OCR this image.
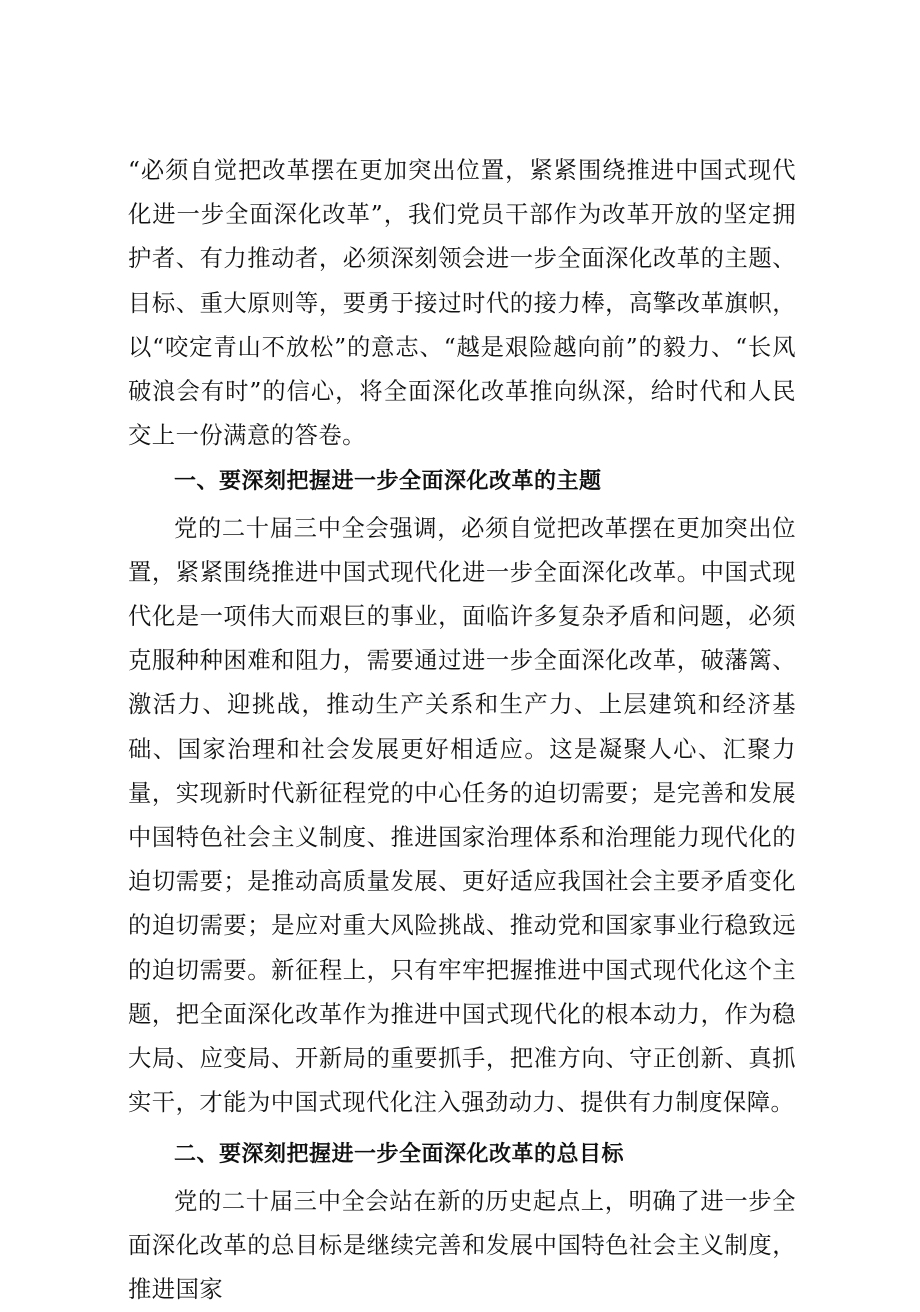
“必须自觉把改革摆在更加突出位置，紧紧围绕推进中国式现代化进一步全面深化改革”，我们党员干部作为改革开放的坚定拥护者、有力推动者，必须深刻领会进一步全面深化改革的主题、目标、重大原则等，要勇于接过时代的接力棒，高擎改革旗帜，以“咬定青山不放松”的意志、“越是艰险越向前”的毅力、“长风破浪会有时”的信心，将全面深化改革推向纵深，给时代和人民交上一份满意的答卷。

一、要深刻把握进一步全面深化改革的主题

党的二十届三中全会强调，必须自觉把改革摆在更加突出位置，紧紧围绕推进中国式现代化进一步全面深化改革。中国式现代化是一项伟大而艰巨的事业，面临许多复杂矛盾和问题，必须克服种种困难和阻力，需要通过进一步全面深化改革，破藩篱、激活力、迎挑战，推动生产关系和生产力、上层建筑和经济基础、国家治理和社会发展更好相适应。这是凝聚人心、汇聚力量，实现新时代新征程党的中心任务的迫切需要；是完善和发展中国特色社会主义制度、推进国家治理体系和治理能力现代化的迫切需要；是推动高质量发展、更好适应我国社会主要矛盾变化的迫切需要；是应对重大风险挑战、推动党和国家事业行稳致远的迫切需要。新征程上，只有牢牢把握推进中国式现代化这个主题，把全面深化改革作为推进中国式现代化的根本动力，作为稳大局、应变局、开新局的重要抓手，把准方向、守正创新、真抓实干，才能为中国式现代化注入强劲动力、提供有力制度保障。

二、要深刻把握进一步全面深化改革的总目标

党的二十届三中全会站在新的历史起点上，明确了进一步全面深化改革的总目标是继续完善和发展中国特色社会主义制度，推进国家
